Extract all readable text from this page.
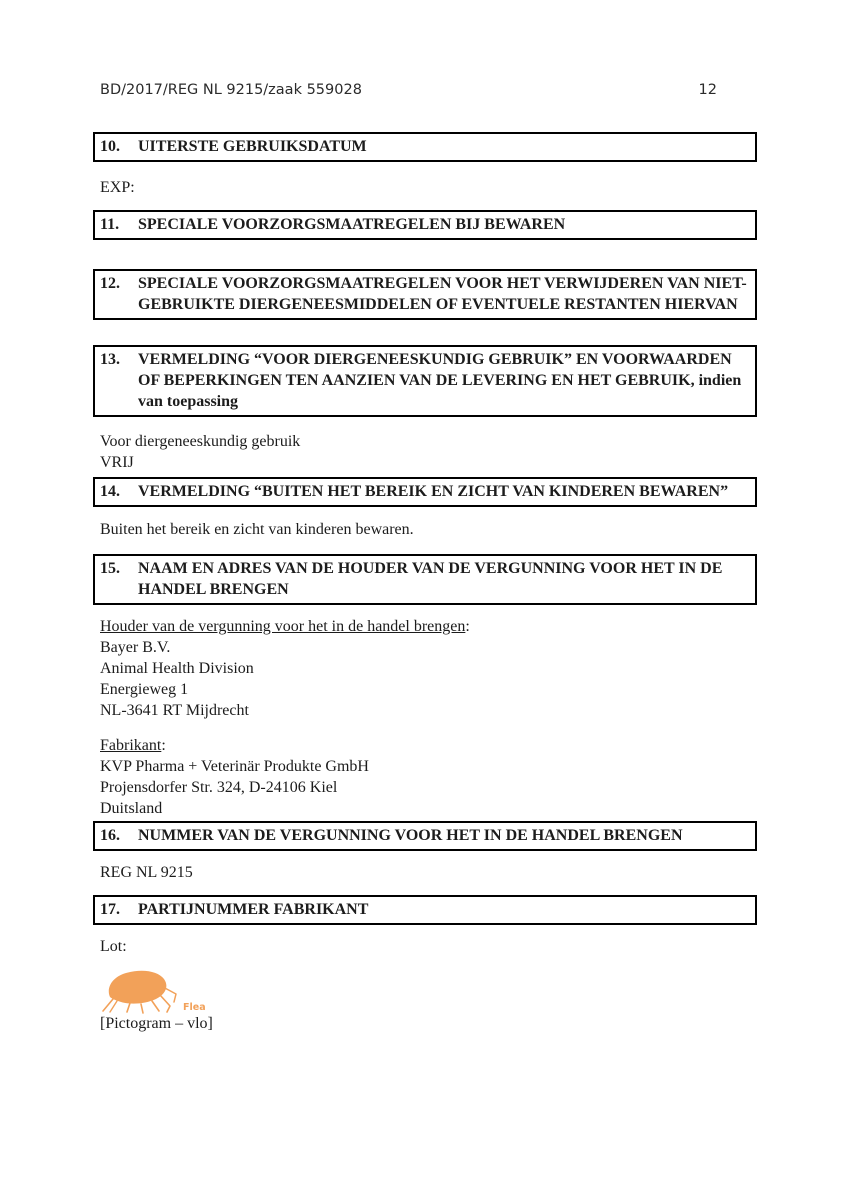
BD/2017/REG NL 9215/zaak 559028	12
10.	UITERSTE GEBRUIKSDATUM
EXP:
11.	SPECIALE VOORZORGSMAATREGELEN BIJ BEWAREN
12.	SPECIALE VOORZORGSMAATREGELEN VOOR HET VERWIJDEREN VAN NIET-
GEBRUIKTE DIERGENEESMIDDELEN OF EVENTUELE RESTANTEN HIERVAN
13.	VERMELDING “VOOR DIERGENEESKUNDIG GEBRUIK” EN VOORWAARDEN
OF BEPERKINGEN TEN AANZIEN VAN DE LEVERING EN HET GEBRUIK, indien
van toepassing
Voor diergeneeskundig gebruik
VRIJ
14.	VERMELDING “BUITEN HET BEREIK EN ZICHT VAN KINDEREN BEWAREN”
Buiten het bereik en zicht van kinderen bewaren.
15.	NAAM EN ADRES VAN DE HOUDER VAN DE VERGUNNING VOOR HET IN DE
HANDEL BRENGEN
Houder van de vergunning voor het in de handel brengen:
Bayer B.V.
Animal Health Division
Energieweg 1
NL-3641 RT Mijdrecht
Fabrikant:
KVP Pharma + Veterinär Produkte GmbH
Projensdorfer Str. 324, D-24106 Kiel
Duitsland
16.	NUMMER VAN DE VERGUNNING VOOR HET IN DE HANDEL BRENGEN
REG NL 9215
17.	PARTIJNUMMER FABRIKANT
Lot:
Flea
[Pictogram – vlo]
